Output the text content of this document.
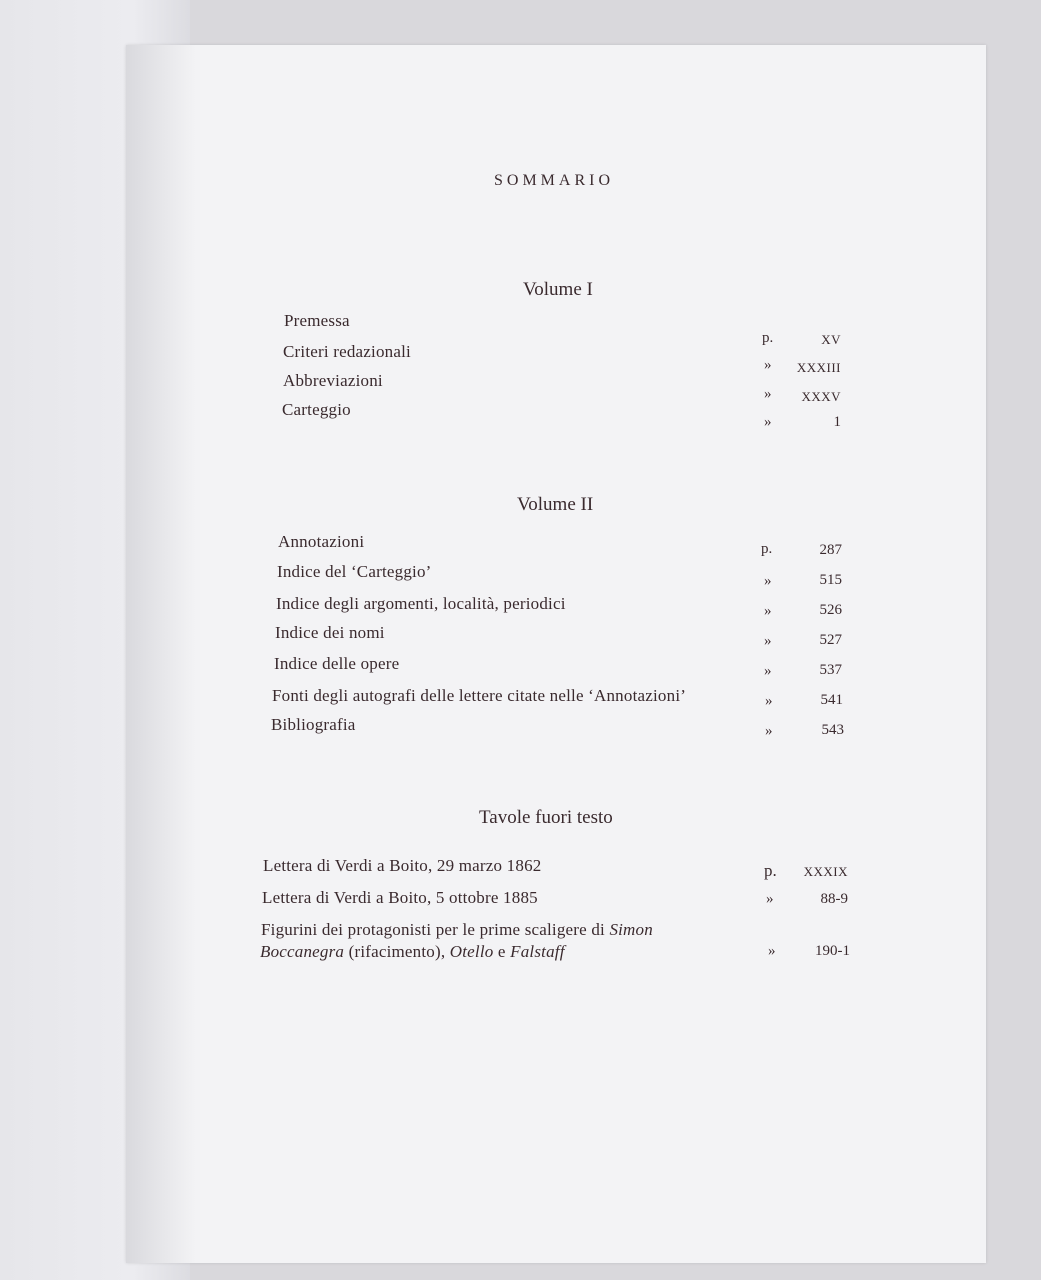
SOMMARIO
Volume I
Premessa
Criteri redazionali
Abbreviazioni
Carteggio
p.
»
»
»
XV
XXXIII
XXXV
1
Volume II
Annotazioni
Indice del ‘Carteggio’
Indice degli argomenti, località, periodici
Indice dei nomi
Indice delle opere
Fonti degli autografi delle lettere citate nelle ‘Annotazioni’
Bibliografia
p.
»
»
»
»
»
»
287
515
526
527
537
541
543
Tavole fuori testo
Lettera di Verdi a Boito, 29 marzo 1862
Lettera di Verdi a Boito, 5 ottobre 1885
Figurini dei protagonisti per le prime scaligere di Simon
Boccanegra (rifacimento), Otello e Falstaff
p.
»
»
XXXIX
88-9
190-1
